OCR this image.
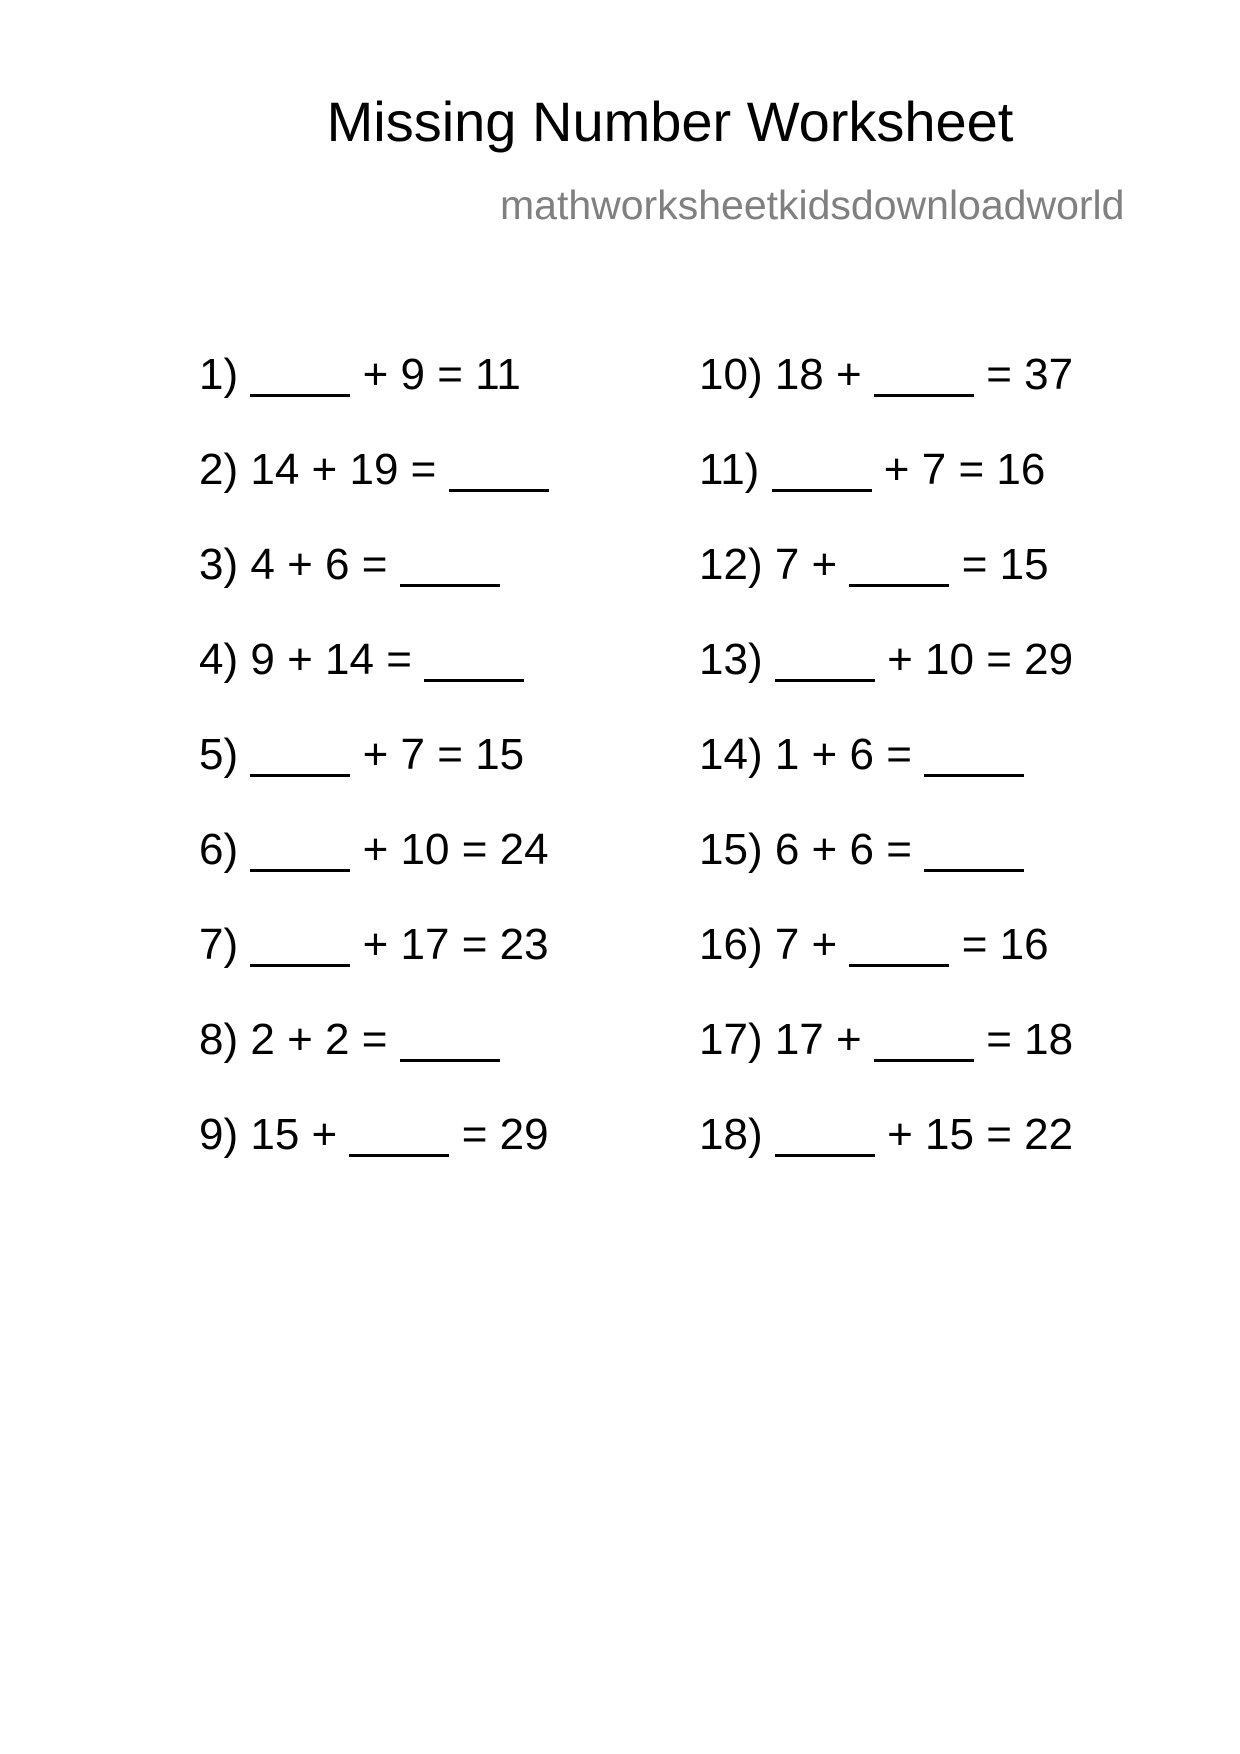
Missing Number Worksheet
mathworksheetkidsdownloadworld
1)	+ 9 = 11
2) 14 + 19 =
3) 4 + 6 =
4) 9 + 14 =
5)	+ 7 = 15
6)	+ 10 = 24
7)	+ 17 = 23
8) 2 + 2 =
9) 15 +	= 29
10) 18 +	= 37
11)	+ 7 = 16
12) 7 +	= 15
13)	+ 10 = 29
14) 1 + 6 =
15) 6 + 6 =
16) 7 +	= 16
17) 17 +	= 18
18)	+ 15 = 22
